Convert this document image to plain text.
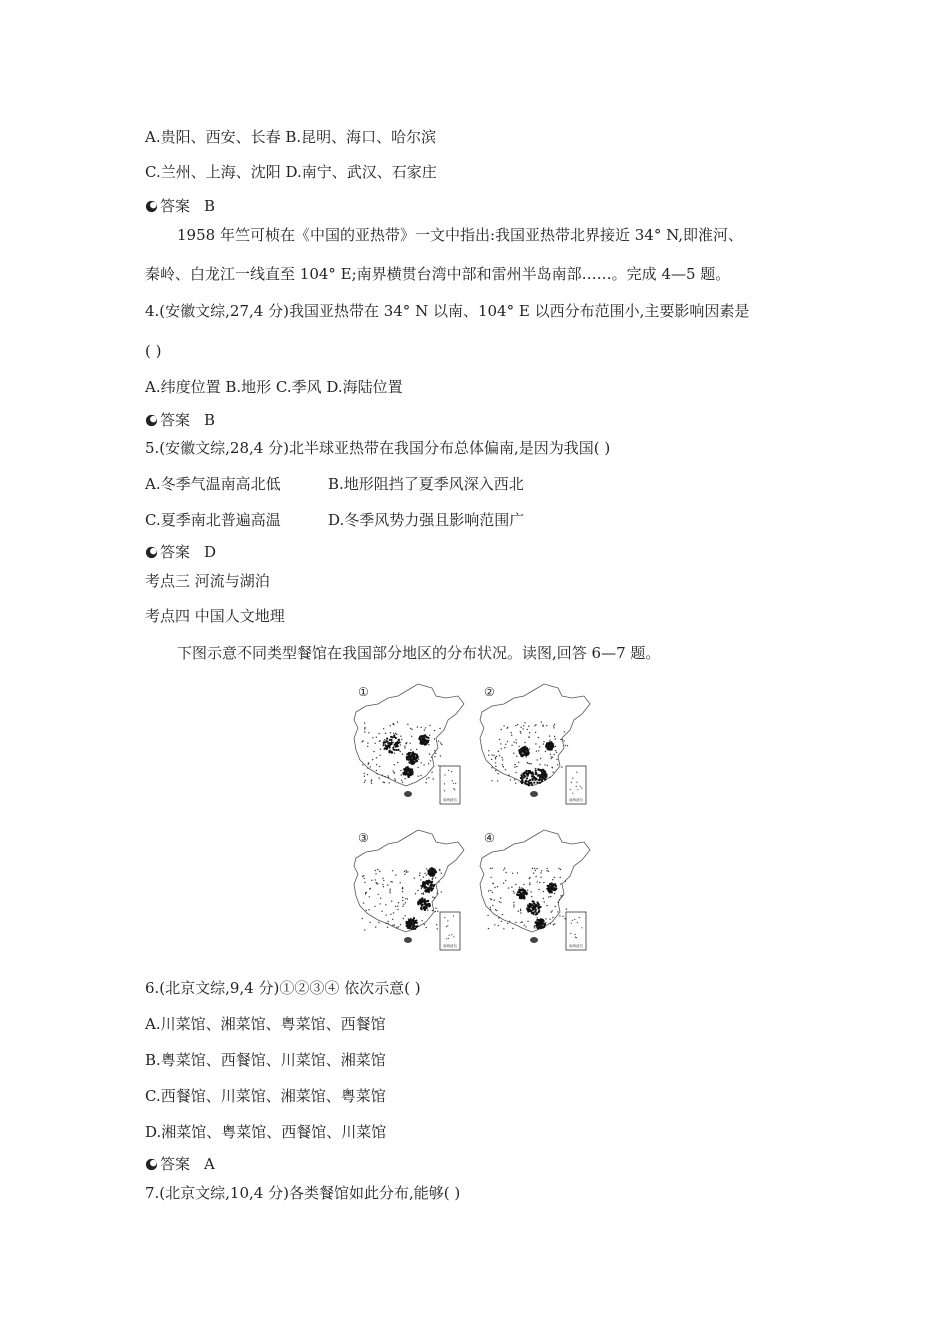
A.贵阳、西安、长春 B.昆明、海口、哈尔滨
C.兰州、上海、沈阳 D.南宁、武汉、石家庄
答案 B
1958 年竺可桢在《中国的亚热带》一文中指出:我国亚热带北界接近 34° N,即淮河、
秦岭、白龙江一线直至 104° E;南界横贯台湾中部和雷州半岛南部……。完成 4—5 题。
4.(安徽文综,27,4 分)我国亚热带在 34° N 以南、104° E 以西分布范围小,主要影响因素是
( )
A.纬度位置 B.地形 C.季风 D.海陆位置
答案 B
5.(安徽文综,28,4 分)北半球亚热带在我国分布总体偏南,是因为我国( )
A.冬季气温南高北低	B.地形阻挡了夏季风深入西北
C.夏季南北普遍高温	D.冬季风势力强且影响范围广
答案 D
考点三 河流与湖泊
考点四 中国人文地理
下图示意不同类型餐馆在我国部分地区的分布状况。读图,回答 6—7 题。
南海诸岛
①
南海诸岛
②
南海诸岛
③
南海诸岛
④
6.(北京文综,9,4 分)①②③④ 依次示意( )
A.川菜馆、湘菜馆、粤菜馆、西餐馆
B.粤菜馆、西餐馆、川菜馆、湘菜馆
C.西餐馆、川菜馆、湘菜馆、粤菜馆
D.湘菜馆、粤菜馆、西餐馆、川菜馆
答案 A
7.(北京文综,10,4 分)各类餐馆如此分布,能够( )
